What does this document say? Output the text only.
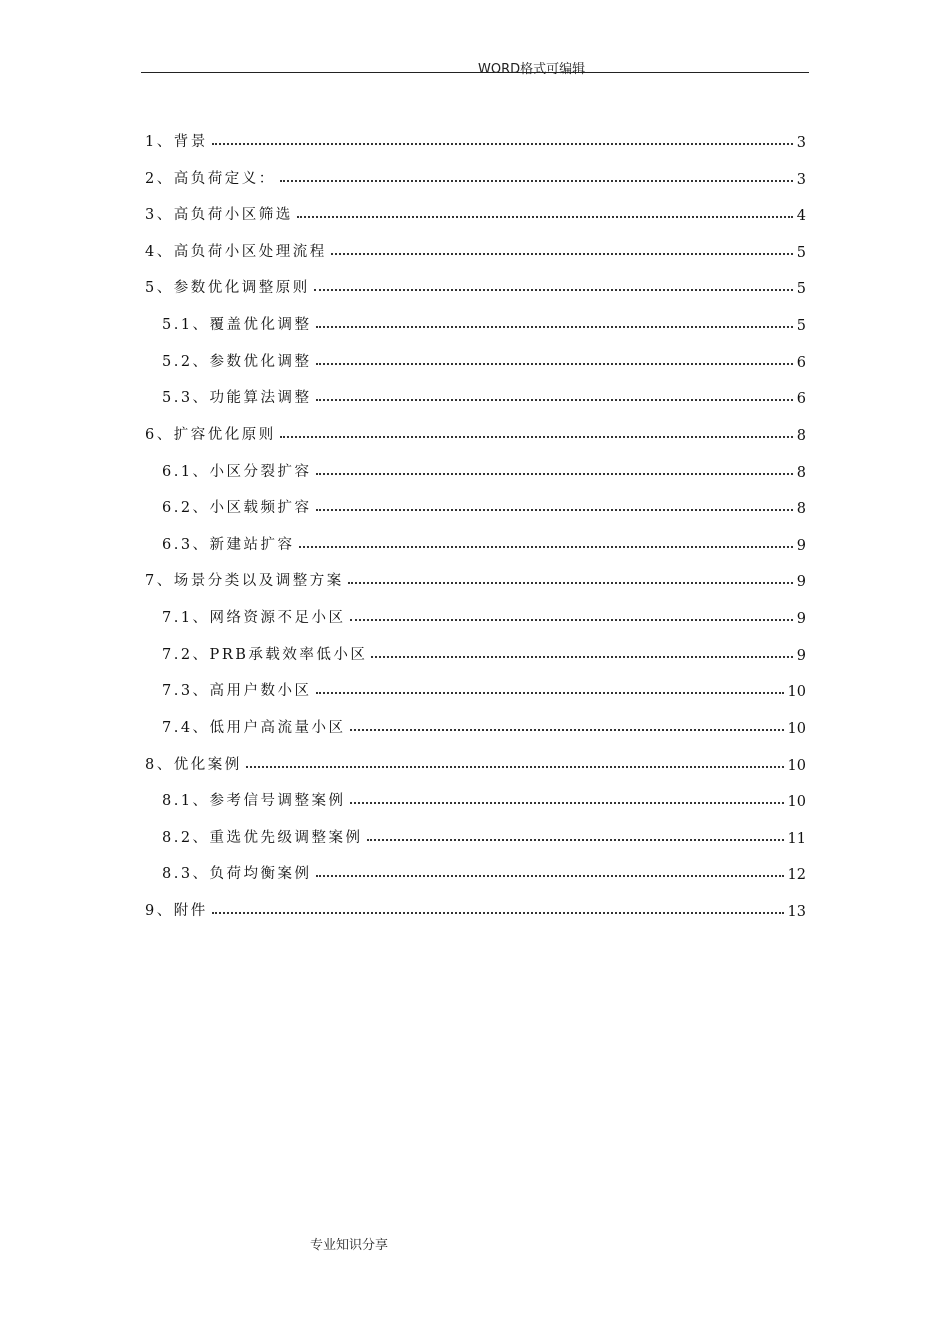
WORD格式可编辑
1、背景	3
2、高负荷定义：	3
3、高负荷小区筛选	4
4、高负荷小区处理流程	5
5、参数优化调整原则	5
5.1、覆盖优化调整	5
5.2、参数优化调整	6
5.3、功能算法调整	6
6、扩容优化原则	8
6.1、小区分裂扩容	8
6.2、小区载频扩容	8
6.3、新建站扩容	9
7、场景分类以及调整方案	9
7.1、网络资源不足小区	9
7.2、PRB承载效率低小区	9
7.3、高用户数小区	10
7.4、低用户高流量小区	10
8、优化案例	10
8.1、参考信号调整案例	10
8.2、重选优先级调整案例	11
8.3、负荷均衡案例	12
9、附件	13
专业知识分享
